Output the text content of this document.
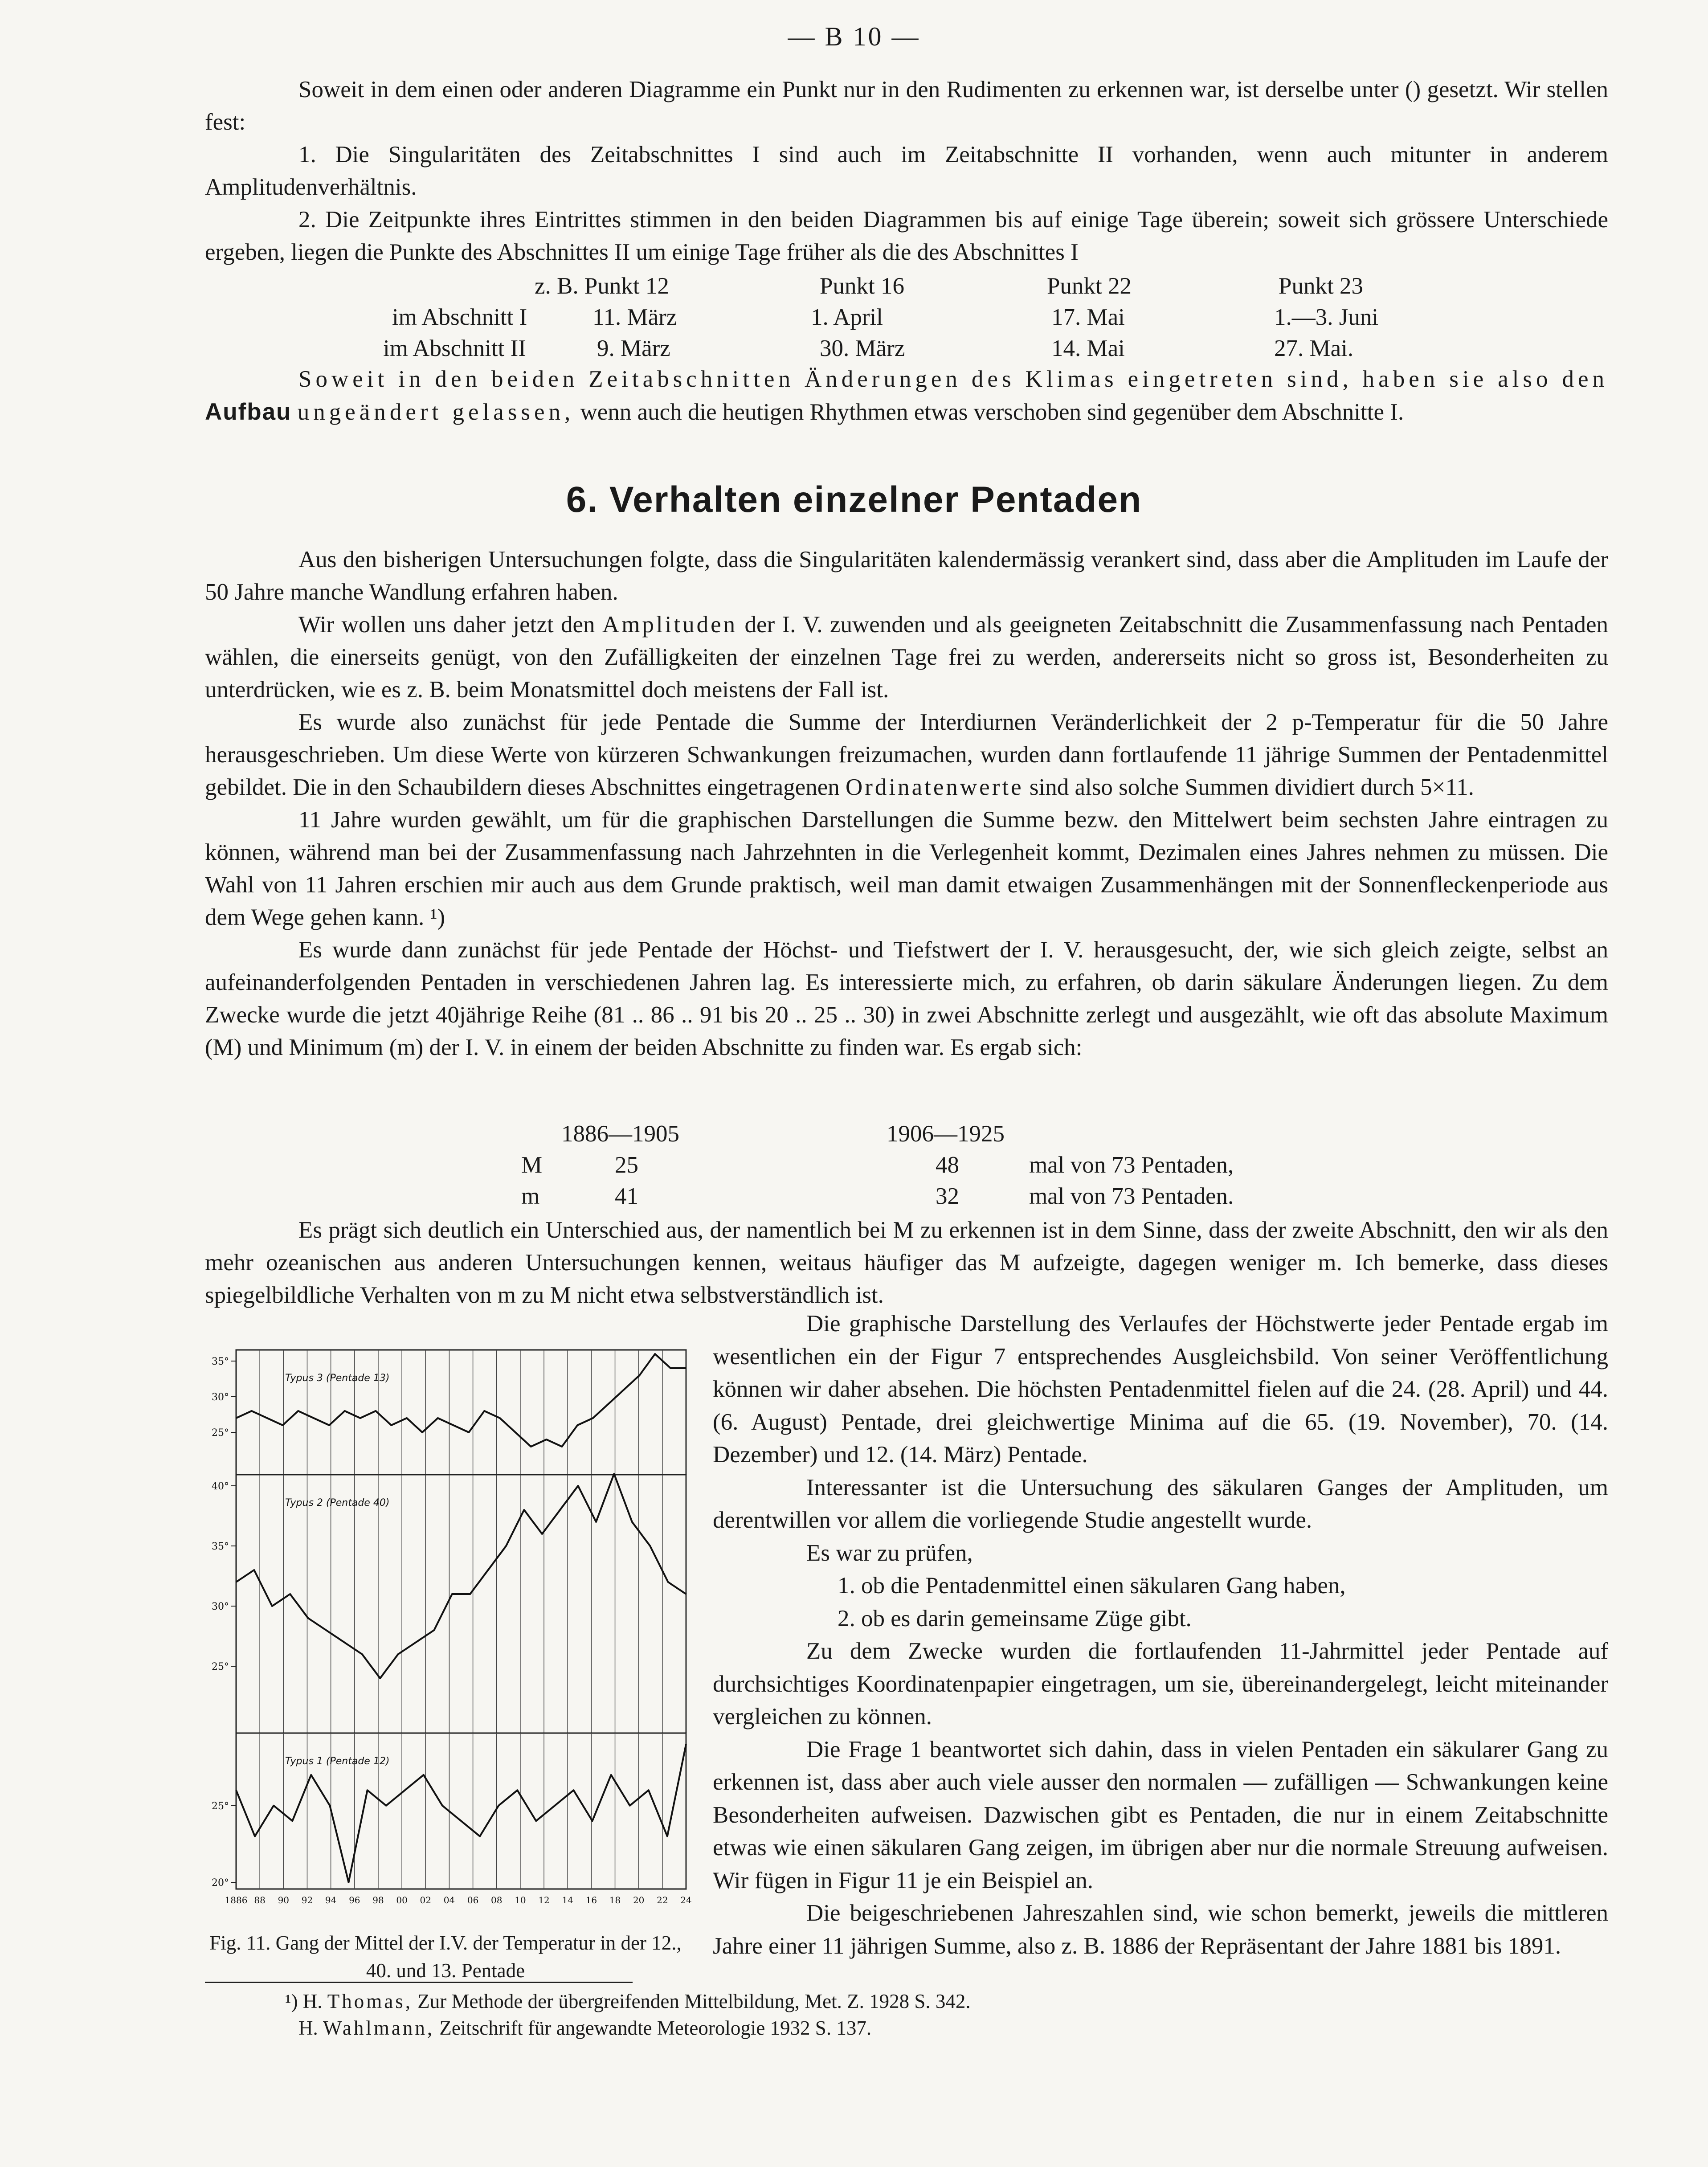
— B 10 —

Soweit in dem einen oder anderen Diagramme ein Punkt nur in den Rudimenten zu erkennen war, ist derselbe unter () gesetzt. Wir stellen fest:

1. Die Singularitäten des Zeitabschnittes I sind auch im Zeitabschnitte II vorhanden, wenn auch mitunter in anderem Amplitudenverhältnis.

2. Die Zeitpunkte ihres Eintrittes stimmen in den beiden Diagrammen bis auf einige Tage überein; soweit sich grössere Unterschiede ergeben, liegen die Punkte des Abschnittes II um einige Tage früher als die des Abschnittes I

z. B. Punkt 12	Punkt 16	Punkt 22	Punkt 23
im Abschnitt I	11. März	1. April	17. Mai	1.—3. Juni
im Abschnitt II	9. März	30. März	14. Mai	27. Mai.

Soweit in den beiden Zeitabschnitten Änderungen des Klimas eingetreten sind, haben sie also den Aufbau ungeändert gelassen, wenn auch die heutigen Rhythmen etwas verschoben sind gegenüber dem Abschnitte I.

6. Verhalten einzelner Pentaden

Aus den bisherigen Untersuchungen folgte, dass die Singularitäten kalendermässig verankert sind, dass aber die Amplituden im Laufe der 50 Jahre manche Wandlung erfahren haben.

Wir wollen uns daher jetzt den Amplituden der I. V. zuwenden und als geeigneten Zeitabschnitt die Zusammenfassung nach Pentaden wählen, die einerseits genügt, von den Zufälligkeiten der einzelnen Tage frei zu werden, andererseits nicht so gross ist, Besonderheiten zu unterdrücken, wie es z. B. beim Monatsmittel doch meistens der Fall ist.

Es wurde also zunächst für jede Pentade die Summe der Interdiurnen Veränderlichkeit der 2 p-Temperatur für die 50 Jahre herausgeschrieben. Um diese Werte von kürzeren Schwankungen freizumachen, wurden dann fortlaufende 11 jährige Summen der Pentadenmittel gebildet. Die in den Schaubildern dieses Abschnittes eingetragenen Ordinatenwerte sind also solche Summen dividiert durch 5×11.

11 Jahre wurden gewählt, um für die graphischen Darstellungen die Summe bezw. den Mittelwert beim sechsten Jahre eintragen zu können, während man bei der Zusammenfassung nach Jahrzehnten in die Verlegenheit kommt, Dezimalen eines Jahres nehmen zu müssen. Die Wahl von 11 Jahren erschien mir auch aus dem Grunde praktisch, weil man damit etwaigen Zusammenhängen mit der Sonnenfleckenperiode aus dem Wege gehen kann. ¹)

Es wurde dann zunächst für jede Pentade der Höchst- und Tiefstwert der I. V. herausgesucht, der, wie sich gleich zeigte, selbst an aufeinanderfolgenden Pentaden in verschiedenen Jahren lag. Es interessierte mich, zu erfahren, ob darin säkulare Änderungen liegen. Zu dem Zwecke wurde die jetzt 40jährige Reihe (81 .. 86 .. 91 bis 20 .. 25 .. 30) in zwei Abschnitte zerlegt und ausgezählt, wie oft das absolute Maximum (M) und Minimum (m) der I. V. in einem der beiden Abschnitte zu finden war. Es ergab sich:

1886—1905	1906—1925
M	25	48	mal von 73 Pentaden,
m	41	32	mal von 73 Pentaden.

Es prägt sich deutlich ein Unterschied aus, der namentlich bei M zu erkennen ist in dem Sinne, dass der zweite Abschnitt, den wir als den mehr ozeanischen aus anderen Untersuchungen kennen, weitaus häufiger das M aufzeigte, dagegen weniger m. Ich bemerke, dass dieses spiegelbildliche Verhalten von m zu M nicht etwa selbstverständlich ist.

35°
30°
25°
Typus 3 (Pentade 13)
40°
35°
30°
25°
Typus 2 (Pentade 40)
25°
20°
Typus 1 (Pentade 12)
1886 88 90 92 94 96 98 00 02 04 06 08 10 12 14 16 18 20 22 24
Fig. 11. Gang der Mittel der I.V. der Temperatur in der 12., 40. und 13. Pentade

Die graphische Darstellung des Verlaufes der Höchstwerte jeder Pentade ergab im wesentlichen ein der Figur 7 entsprechendes Ausgleichsbild. Von seiner Veröffentlichung können wir daher absehen. Die höchsten Pentadenmittel fielen auf die 24. (28. April) und 44. (6. August) Pentade, drei gleichwertige Minima auf die 65. (19. November), 70. (14. Dezember) und 12. (14. März) Pentade.

Interessanter ist die Untersuchung des säkularen Ganges der Amplituden, um derentwillen vor allem die vorliegende Studie angestellt wurde.

Es war zu prüfen,

1. ob die Pentadenmittel einen säkularen Gang haben,

2. ob es darin gemeinsame Züge gibt.

Zu dem Zwecke wurden die fortlaufenden 11-Jahrmittel jeder Pentade auf durchsichtiges Koordinatenpapier eingetragen, um sie, übereinandergelegt, leicht miteinander vergleichen zu können.

Die Frage 1 beantwortet sich dahin, dass in vielen Pentaden ein säkularer Gang zu erkennen ist, dass aber auch viele ausser den normalen — zufälligen — Schwankungen keine Besonderheiten aufweisen. Dazwischen gibt es Pentaden, die nur in einem Zeitabschnitte etwas wie einen säkularen Gang zeigen, im übrigen aber nur die normale Streuung aufweisen. Wir fügen in Figur 11 je ein Beispiel an.

Die beigeschriebenen Jahreszahlen sind, wie schon bemerkt, jeweils die mittleren Jahre einer 11 jährigen Summe, also z. B. 1886 der Repräsentant der Jahre 1881 bis 1891.

¹) H. Thomas, Zur Methode der übergreifenden Mittelbildung, Met. Z. 1928 S. 342.

H. Wahlmann, Zeitschrift für angewandte Meteorologie 1932 S. 137.
